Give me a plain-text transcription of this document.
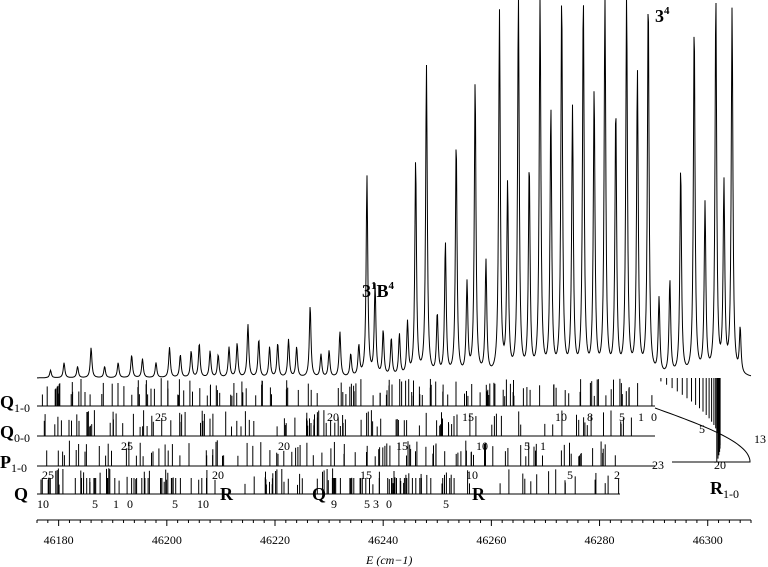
$3^4$
$3^1B^4$
$Q_{1-0}$
$Q_{0-0}$
$P_{1-0}$
$R_{1-0}$
25	20	15	10 8 5 1 0
25	20	15	10	5 1
25	20	15	10	5	2
5
13
20
23
Q 10	5 1	R
0	5 10	Q 9 5 3	R
0	5
46180	46200	46220	46240	46260	46280	46300
E (cm−1)
